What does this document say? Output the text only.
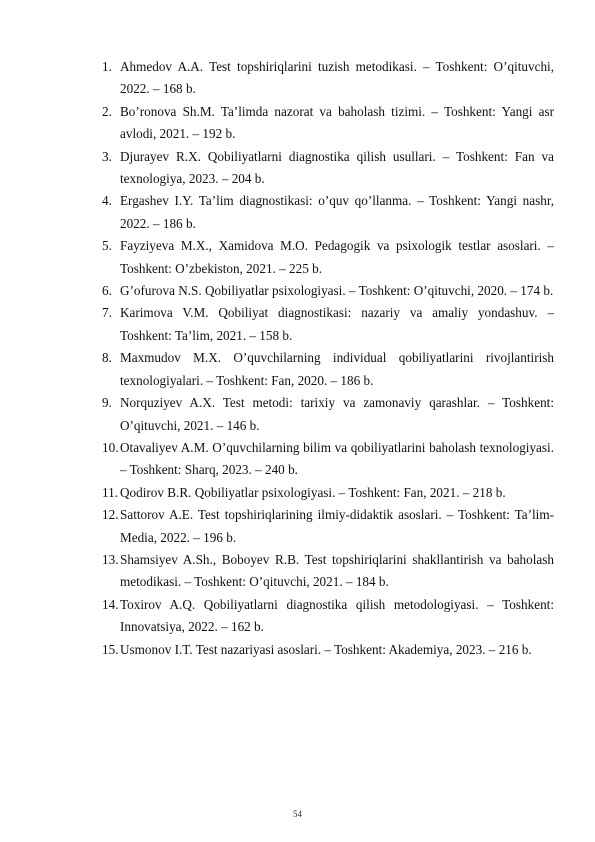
1. Ahmedov A.A. Test topshiriqlarini tuzish metodikasi. – Toshkent: O’qituvchi, 2022. – 168 b.
2. Bo’ronova Sh.M. Ta’limda nazorat va baholash tizimi. – Toshkent: Yangi asr avlodi, 2021. – 192 b.
3. Djurayev R.X. Qobiliyatlarni diagnostika qilish usullari. – Toshkent: Fan va texnologiya, 2023. – 204 b.
4. Ergashev I.Y. Ta’lim diagnostikasi: o’quv qo’llanma. – Toshkent: Yangi nashr, 2022. – 186 b.
5. Fayziyeva M.X., Xamidova M.O. Pedagogik va psixologik testlar asoslari. – Toshkent: O’zbekiston, 2021. – 225 b.
6. G’ofurova N.S. Qobiliyatlar psixologiyasi. – Toshkent: O’qituvchi, 2020. – 174 b.
7. Karimova V.M. Qobiliyat diagnostikasi: nazariy va amaliy yondashuv. – Toshkent: Ta’lim, 2021. – 158 b.
8. Maxmudov M.X. O’quvchilarning individual qobiliyatlarini rivojlantirish texnologiyalari. – Toshkent: Fan, 2020. – 186 b.
9. Norquziyev A.X. Test metodi: tarixiy va zamonaviy qarashlar. – Toshkent: O’qituvchi, 2021. – 146 b.
10. Otavaliyev A.M. O’quvchilarning bilim va qobiliyatlarini baholash texnologiyasi. – Toshkent: Sharq, 2023. – 240 b.
11. Qodirov B.R. Qobiliyatlar psixologiyasi. – Toshkent: Fan, 2021. – 218 b.
12. Sattorov A.E. Test topshiriqlarining ilmiy-didaktik asoslari. – Toshkent: Ta’lim-Media, 2022. – 196 b.
13. Shamsiyev A.Sh., Boboyev R.B. Test topshiriqlarini shakllantirish va baholash metodikasi. – Toshkent: O’qituvchi, 2021. – 184 b.
14. Toxirov A.Q. Qobiliyatlarni diagnostika qilish metodologiyasi. – Toshkent: Innovatsiya, 2022. – 162 b.
15. Usmonov I.T. Test nazariyasi asoslari. – Toshkent: Akademiya, 2023. – 216 b.
54
